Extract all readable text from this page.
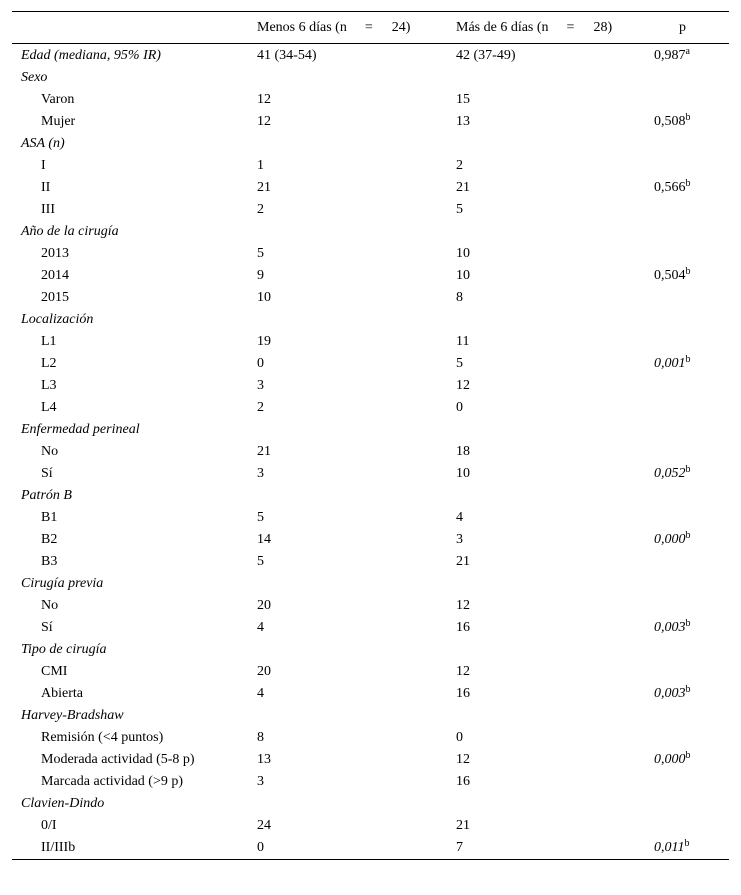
Menos 6 días (n = 24)	Más de 6 días (n = 28)	p
Edad (mediana, 95% IR)	41 (34-54)	42 (37-49)	0,987$^a$
Sexo
Varon	12	15
Mujer	12	13	0,508$^b$
ASA (n)
I	1	2
II	21	21	0,566$^b$
III	2	5
Año de la cirugía
2013	5	10
2014	9	10	0,504$^b$
2015	10	8
Localización
L1	19	11
L2	0	5	0,001$^b$
L3	3	12
L4	2	0
Enfermedad perineal
No	21	18
Sí	3	10	0,052$^b$
Patrón B
B1	5	4
B2	14	3	0,000$^b$
B3	5	21
Cirugía previa
No	20	12
Sí	4	16	0,003$^b$
Tipo de cirugía
CMI	20	12
Abierta	4	16	0,003$^b$
Harvey-Bradshaw
Remisión (<4 puntos)	8	0
Moderada actividad (5-8 p)	13	12	0,000$^b$
Marcada actividad (>9 p)	3	16
Clavien-Dindo
0/I	24	21
II/IIIb	0	7	0,011$^b$
